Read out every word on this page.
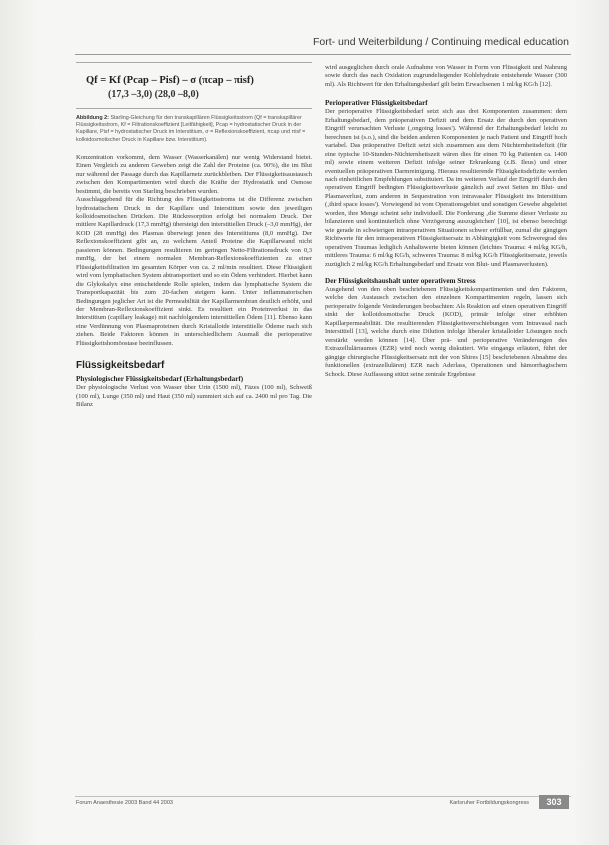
Fort- und Weiterbildung / Continuing medical education
Qf = Kf (Pcap – Pisf) – σ (πcap – πisf)
(17,3 –3,0) (28,0 –8,0)
Abbildung 2: Starling-Gleichung für den transkapillären Flüssigkeitsstrom (Qf = transkapillärer Flüssigkeitsstrom, Kf = Filtrationskoeffizient [Leitfähigkeit], Pcap = hydrostatischer Druck in der Kapillare, Pisf = hydrostatischer Druck im Interstitium, σ = Reflexionskoeffizient, πcap und πisf = kolloidosmotischer Druck in Kapillare bzw. Interstitium).

Konzentration vorkommt, dem Wasser (Wasserkanälen) nur wenig Widerstand bietet. Einen Vergleich zu anderen Geweben zeigt die Zahl der Proteine (ca. 90%), die im Blut nur während der Passage durch das Kapillarnetz zurückbleiben. Der Flüssigkeitsaustausch zwischen den Kompartimenten wird durch die Kräfte der Hydrostatik und Osmose bestimmt, die bereits von Starling beschrieben wurden.

Ausschlaggebend für die Richtung des Flüssigkeitsstroms ist die Differenz zwischen hydrostatischem Druck in der Kapillare und Interstitium sowie den jeweiligen kolloidosmotischen Drücken. Die Rückresorption erfolgt bei normalem Druck. Der mittlere Kapillardruck (17,3 mmHg) übersteigt den interstitiellen Druck (–3,0 mmHg), der KOD (28 mmHg) des Plasmas überwiegt jenen des Interstitiums (8,0 mmHg). Der Reflexionskoeffizient gibt an, zu welchem Anteil Proteine die Kapillarwand nicht passieren können. Bedingungen resultieren im geringen Netto-Filtrationsdruck von 0,3 mmHg, der bei einem normalen Membran-Reflexionskoeffizienten zu einer Flüssigkeitsfiltration im gesamten Körper von ca. 2 ml/min resultiert. Diese Flüssigkeit wird vom lymphatischen System abtransportiert und so ein Ödem verhindert. Hierbei kann die Glykokalyx eine entscheidende Rolle spielen, indem das lymphatische System die Transportkapazität bis zum 20-fachen steigern kann. Unter inflammatorischen Bedingungen jeglicher Art ist die Permeabilität der Kapillarmembran deutlich erhöht, und der Membran-Reflexionskoeffizient sinkt. Es resultiert ein Proteinverlust in das Interstitium (capillary leakage) mit nachfolgendem interstitiellen Ödem [11]. Ebenso kann eine Verdünnung von Plasmaproteinen durch Kristalloide interstitielle Ödeme nach sich ziehen. Beide Faktoren können in unterschiedlichem Ausmaß die perioperative Flüssigkeitshomöostase beeinflussen.

Flüssigkeitsbedarf
Physiologischer Flüssigkeitsbedarf (Erhaltungsbedarf)

Der physiologische Verlust von Wasser über Urin (1500 ml), Fäzes (100 ml), Schweiß (100 ml), Lunge (350 ml) und Haut (350 ml) summiert sich auf ca. 2400 ml pro Tag. Die Bilanz

wird ausgeglichen durch orale Aufnahme von Wasser in Form von Flüssigkeit und Nahrung sowie durch das nach Oxidation zugrundeliegender Kohlehydrate entstehende Wasser (300 ml). Als Richtwert für den Erhaltungsbedarf gilt beim Erwachsenen 1 ml/kg KG/h [12].

Perioperativer Flüssigkeitsbedarf

Der perioperative Flüssigkeitsbedarf setzt sich aus drei Komponenten zusammen: dem Erhaltungsbedarf, dem präoperativen Defizit und dem Ersatz der durch den operativen Eingriff verursachten Verluste (‚ongoing losses'). Während der Erhaltungsbedarf leicht zu berechnen ist (s.o.), sind die beiden anderen Komponenten je nach Patient und Eingriff hoch variabel. Das präoperative Defizit setzt sich zusammen aus dem Nüchternheitsdefizit (für eine typische 10-Stunden-Nüchternheitszeit wären dies für einen 70 kg Patienten ca. 1400 ml) sowie einem weiteren Defizit infolge seiner Erkrankung (z.B. Ileus) und einer eventuellen präoperativen Darmreinigung. Hieraus resultierende Flüssigkeitsdefizite werden nach einheitlichen Empfehlungen substituiert. Da im weiteren Verlauf der Eingriff durch den operativen Eingriff bedingten Flüssigkeitsverluste gänzlich auf zwei Seiten im Blut- und Plasmaverlust, zum anderen in Sequestration von intravasaler Flüssigkeit ins Interstitium (‚third space losses'). Vorwiegend ist vom Operationsgebiet und sonstigen Gewebe abgeleitet worden, ihre Menge scheint sehr individuell. Die Forderung ‚die Summe dieser Verluste zu bilanzieren und kontinuierlich ohne Verzögerung auszugleichen' [10], ist ebenso berechtigt wie gerade in schwierigen intraoperativen Situationen schwer erfüllbar, zumal die gängigen Richtwerte für den intraoperativen Flüssigkeitsersatz in Abhängigkeit vom Schweregrad des operativen Traumas lediglich Anhaltswerte bieten können (leichtes Trauma: 4 ml/kg KG/h, mittleres Trauma: 6 ml/kg KG/h, schweres Trauma: 8 ml/kg KG/h Flüssigkeitsersatz, jeweils zuzüglich 2 ml/kg KG/h Erhaltungsbedarf und Ersatz von Blut- und Plasmaverlusten).

Der Flüssigkeitshaushalt unter operativem Stress

Ausgehend von den oben beschriebenen Flüssigkeitskompartimenten und den Faktoren, welche den Austausch zwischen den einzelnen Kompartimenten regeln, lassen sich perioperativ folgende Veränderungen beobachten: Als Reaktion auf einen operativen Eingriff sinkt der kolloidosmotische Druck (KOD), primär infolge einer erhöhten Kapillarpermeabilität. Die resultierenden Flüssigkeitsverschiebungen vom Intravasal nach Interstitiell [13], welche durch eine Dilution infolge liberaler kristalloider Lösungen noch verstärkt werden können [14]. Über prä- und perioperative Veränderungen des Extrazellulärraumes (EZR) wird noch wenig diskutiert. Wie eingangs erläutert, führt der gängige chirurgische Flüssigkeitsersatz mit der von Shires [15] beschriebenen Abnahme des funktionellen (extrazellulären) EZR nach Aderlass, Operationen und hämorrhagischem Schock. Diese Auffassung stützt seine zentrale Ergebnisse

Forum Anaesthesie 2003 Band 44 2003	Karlsruher Fortbildungskongress	303
